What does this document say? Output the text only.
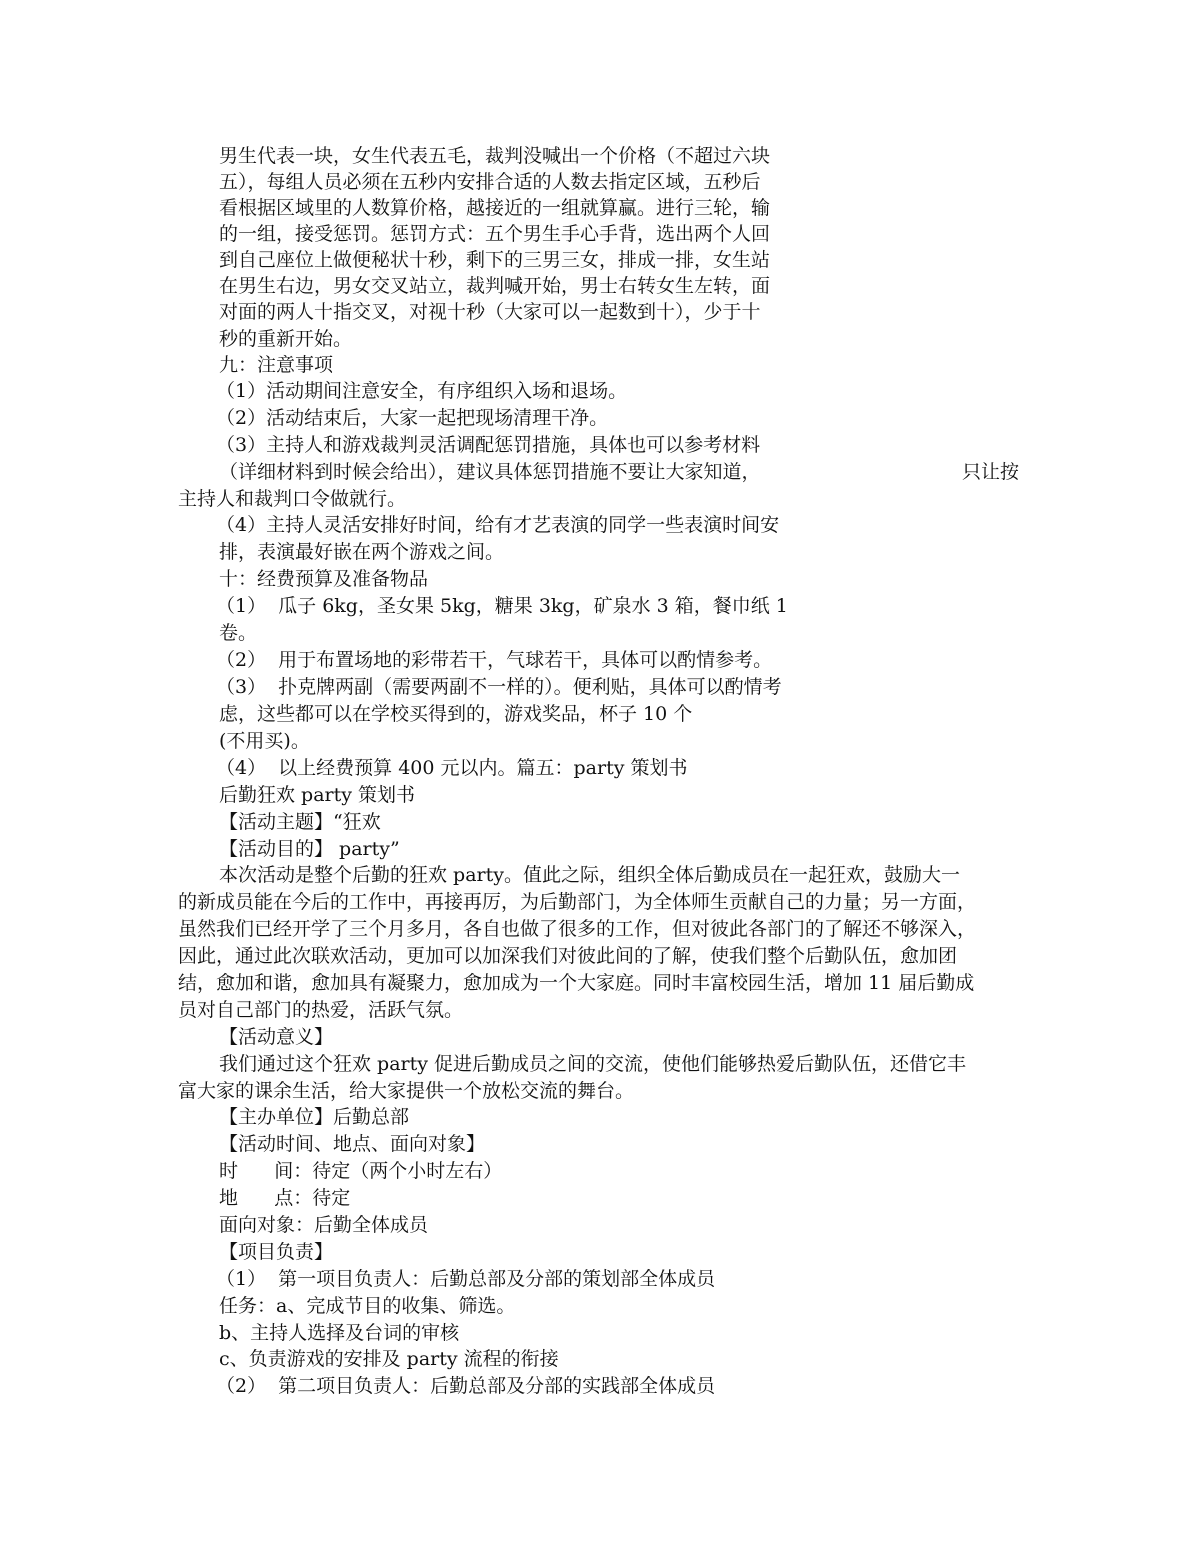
男生代表一块，女生代表五毛，裁判没喊出一个价格（不超过六块
五），每组人员必须在五秒内安排合适的人数去指定区域，五秒后
看根据区域里的人数算价格，越接近的一组就算赢。进行三轮，输
的一组，接受惩罚。惩罚方式：五个男生手心手背，选出两个人回
到自己座位上做便秘状十秒，剩下的三男三女，排成一排，女生站
在男生右边，男女交叉站立，裁判喊开始，男士右转女生左转，面
对面的两人十指交叉，对视十秒（大家可以一起数到十），少于十
秒的重新开始。
九：注意事项
（1）活动期间注意安全，有序组织入场和退场。
（2）活动结束后，大家一起把现场清理干净。
（3）主持人和游戏裁判灵活调配惩罚措施，具体也可以参考材料
（详细材料到时候会给出），建议具体惩罚措施不要让大家知道，	只让按
主持人和裁判口令做就行。
（4）主持人灵活安排好时间，给有才艺表演的同学一些表演时间安
排，表演最好嵌在两个游戏之间。
十：经费预算及准备物品
（1）  瓜子 6kg，圣女果 5kg，糖果 3kg，矿泉水 3 箱，餐巾纸 1
卷。
（2）  用于布置场地的彩带若干，气球若干，具体可以酌情参考。
（3）  扑克牌两副（需要两副不一样的）。便利贴，具体可以酌情考
虑，这些都可以在学校买得到的，游戏奖品，杯子 10 个
(不用买)。
（4）  以上经费预算 400 元以内。篇五：party 策划书
后勤狂欢 party 策划书
【活动主题】“狂欢
【活动目的】 party”
本次活动是整个后勤的狂欢 party。值此之际，组织全体后勤成员在一起狂欢，鼓励大一
的新成员能在今后的工作中，再接再厉，为后勤部门，为全体师生贡献自己的力量；另一方面，
虽然我们已经开学了三个月多月，各自也做了很多的工作，但对彼此各部门的了解还不够深入，
因此，通过此次联欢活动，更加可以加深我们对彼此间的了解，使我们整个后勤队伍，愈加团
结，愈加和谐，愈加具有凝聚力，愈加成为一个大家庭。同时丰富校园生活，增加 11 届后勤成
员对自己部门的热爱，活跃气氛。
【活动意义】
我们通过这个狂欢 party 促进后勤成员之间的交流，使他们能够热爱后勤队伍，还借它丰
富大家的课余生活，给大家提供一个放松交流的舞台。
【主办单位】后勤总部
【活动时间、地点、面向对象】
时      间：待定（两个小时左右）
地      点：待定
面向对象：后勤全体成员
【项目负责】
（1）  第一项目负责人：后勤总部及分部的策划部全体成员
任务：a、完成节目的收集、筛选。
b、主持人选择及台词的审核
c、负责游戏的安排及 party 流程的衔接
（2）  第二项目负责人：后勤总部及分部的实践部全体成员
